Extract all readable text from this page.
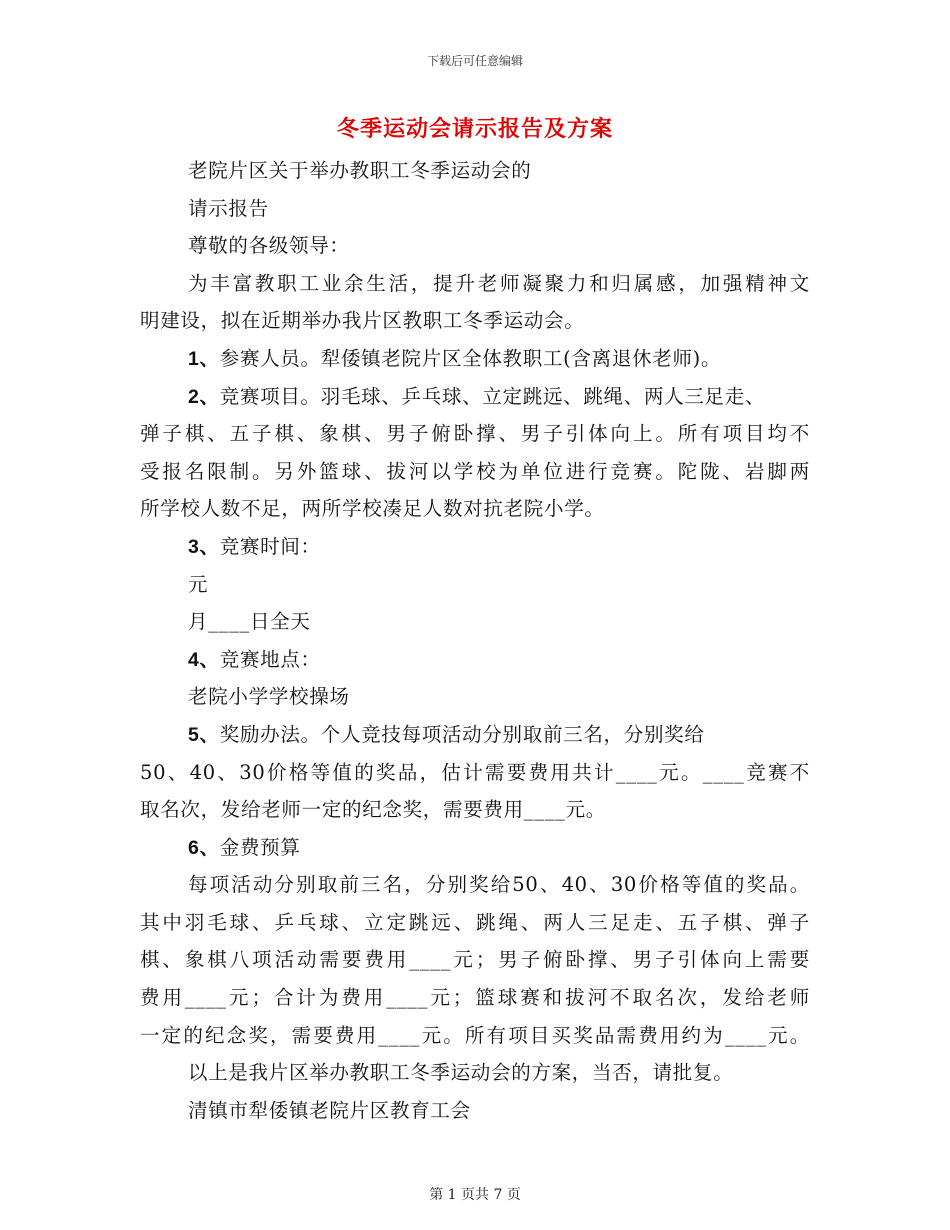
下载后可任意编辑
冬季运动会请示报告及方案
老院片区关于举办教职工冬季运动会的
请示报告
尊敬的各级领导：
为丰富教职工业余生活，提升老师凝聚力和归属感，加强精神文
明建设，拟在近期举办我片区教职工冬季运动会。
1、参赛人员。犁倭镇老院片区全体教职工(含离退休老师)。
2、竞赛项目。羽毛球、乒乓球、立定跳远、跳绳、两人三足走、
弹子棋、五子棋、象棋、男子俯卧撑、男子引体向上。所有项目均不
受报名限制。另外篮球、拔河以学校为单位进行竞赛。陀陇、岩脚两
所学校人数不足，两所学校凑足人数对抗老院小学。
3、竞赛时间：
元
月____日全天
4、竞赛地点：
老院小学学校操场
5、奖励办法。个人竞技每项活动分别取前三名，分别奖给
50、40、30价格等值的奖品，估计需要费用共计____元。____竞赛不
取名次，发给老师一定的纪念奖，需要费用____元。
6、金费预算
每项活动分别取前三名，分别奖给50、40、30价格等值的奖品。
其中羽毛球、乒乓球、立定跳远、跳绳、两人三足走、五子棋、弹子
棋、象棋八项活动需要费用____元；男子俯卧撑、男子引体向上需要
费用____元；合计为费用____元；篮球赛和拔河不取名次，发给老师
一定的纪念奖，需要费用____元。所有项目买奖品需费用约为____元。
以上是我片区举办教职工冬季运动会的方案，当否，请批复。
清镇市犁倭镇老院片区教育工会
第 1 页共 7 页
